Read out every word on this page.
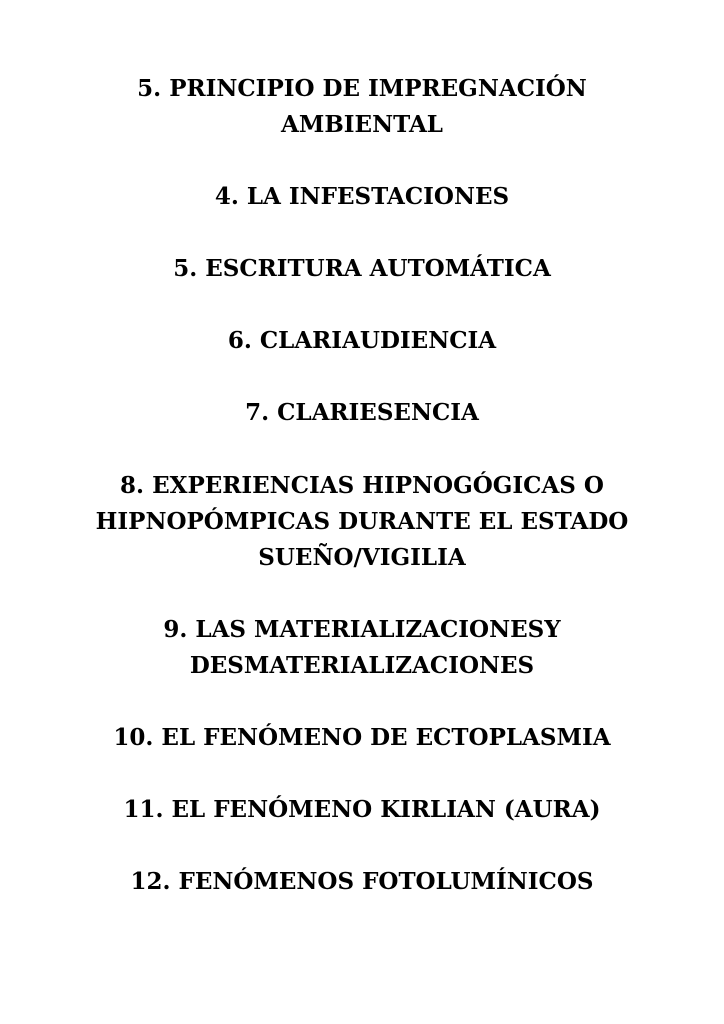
5. PRINCIPIO DE IMPREGNACIÓN
AMBIENTAL
4. LA INFESTACIONES
5. ESCRITURA AUTOMÁTICA
6. CLARIAUDIENCIA
7. CLARIESENCIA
8. EXPERIENCIAS HIPNOGÓGICAS O
HIPNOPÓMPICAS DURANTE EL ESTADO
SUEÑO/VIGILIA
9. LAS MATERIALIZACIONESY
DESMATERIALIZACIONES
10. EL FENÓMENO DE ECTOPLASMIA
11. EL FENÓMENO KIRLIAN (AURA)
12. FENÓMENOS FOTOLUMÍNICOS
